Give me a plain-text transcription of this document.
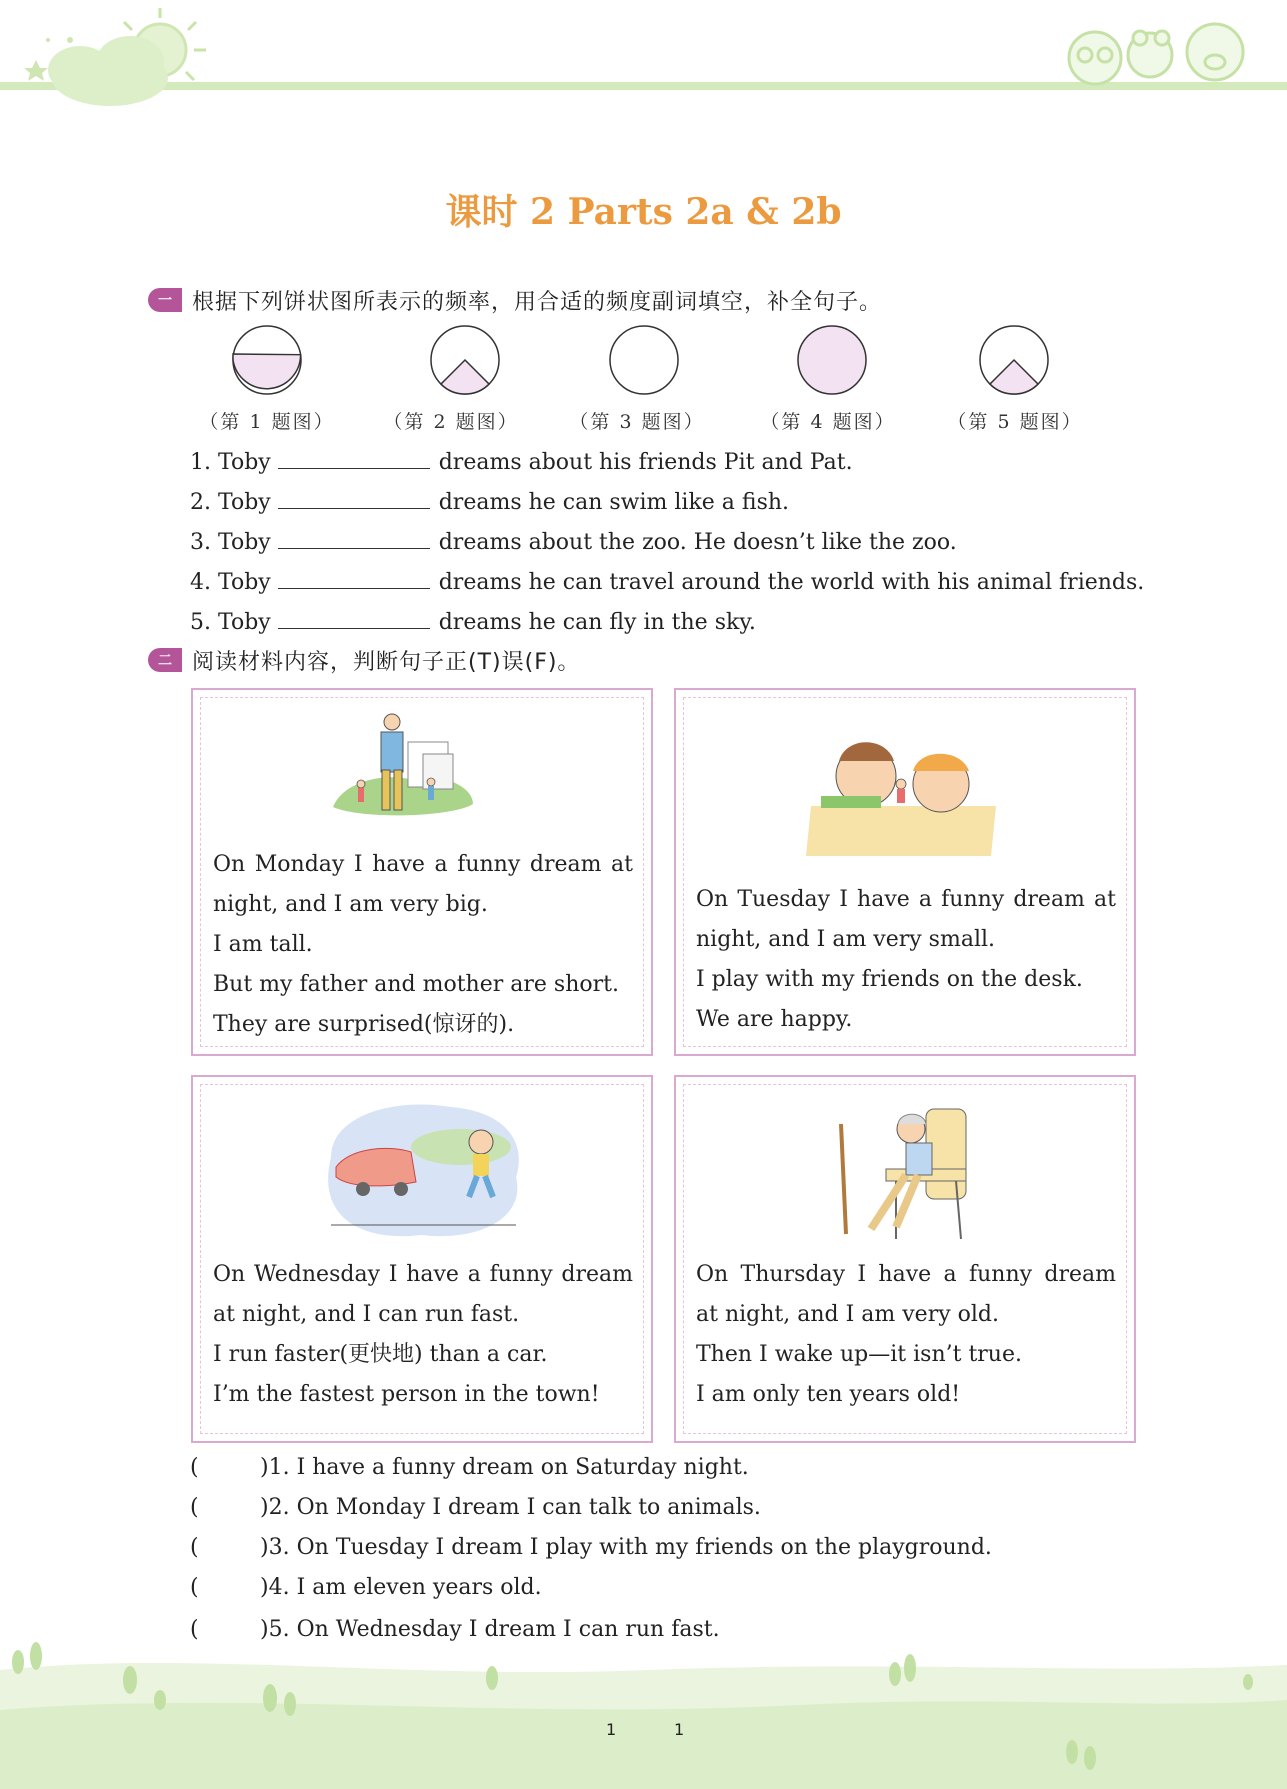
课时 2 Parts 2a & 2b
一 根据下列饼状图所表示的频率，用合适的频度副词填空，补全句子。
（第 1 题图）	（第 2 题图）	（第 3 题图）	（第 4 题图）	（第 5 题图）
1. Toby	dreams about his friends Pit and Pat.
2. Toby	dreams he can swim like a fish.
3. Toby	dreams about the zoo. He doesn’t like the zoo.
4. Toby	dreams he can travel around the world with his animal friends.
5. Toby	dreams he can fly in the sky.
二 阅读材料内容，判断句子正(T)误(F)。
On Monday I have a funny dream at
night, and I am very big.
I am tall.
But my father and mother are short.
They are surprised(惊讶的).
On Tuesday I have a funny dream at
night, and I am very small.
I play with my friends on the desk.
We are happy.
On Wednesday I have a funny dream
at night, and I can run fast.
I run faster(更快地) than a car.
I’m the fastest person in the town!
On Thursday I have a funny dream
at night, and I am very old.
Then I wake up—it isn’t true.
I am only ten years old!
(	)1. I have a funny dream on Saturday night.
(	)2. On Monday I dream I can talk to animals.
(	)3. On Tuesday I dream I play with my friends on the playground.
(	)4. I am eleven years old.
(	)5. On Wednesday I dream I can run fast.
1	1
